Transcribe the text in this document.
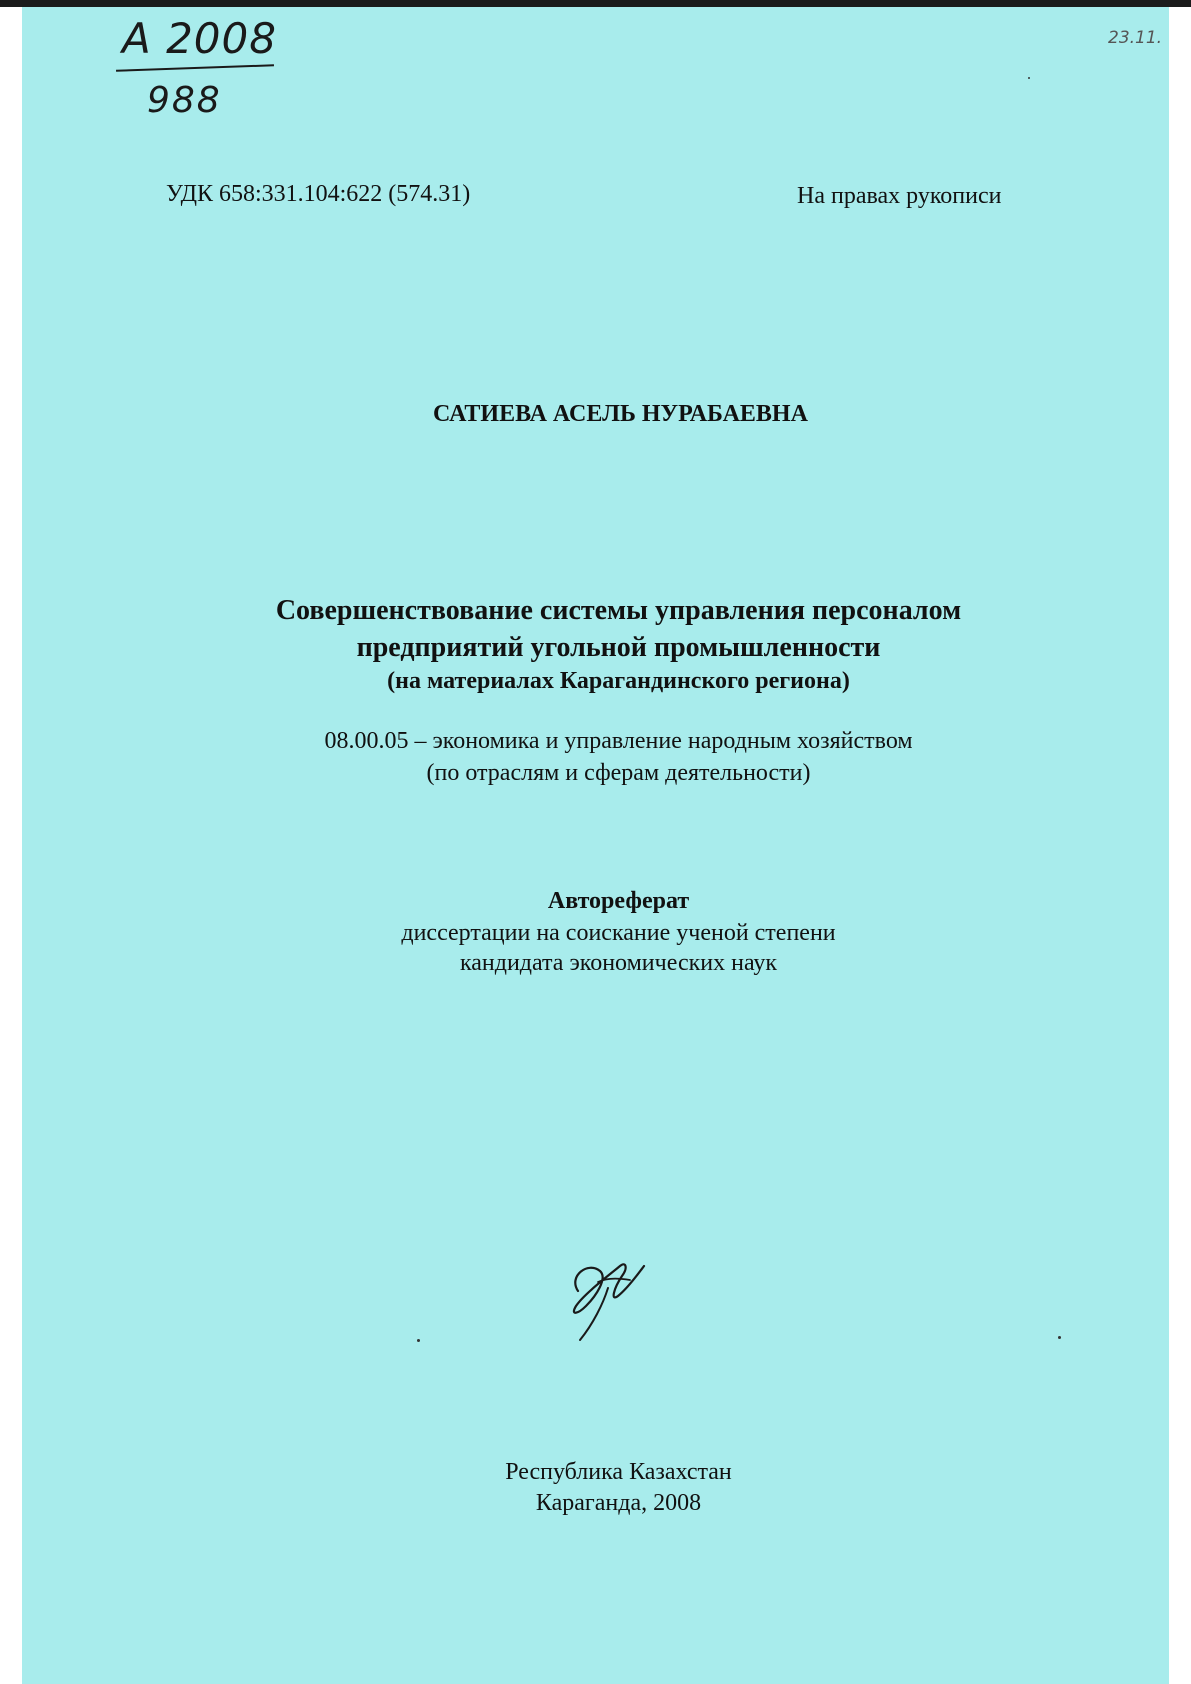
A 2008
988
23.11.
УДК 658:331.104:622 (574.31)	На правах рукописи
САТИЕВА АСЕЛЬ НУРАБАЕВНА
Совершенствование системы управления персоналом
предприятий угольной промышленности
(на материалах Карагандинского региона)
08.00.05 – экономика и управление народным хозяйством
(по отраслям и сферам деятельности)
Автореферат
диссертации на соискание ученой степени
кандидата экономических наук
Республика Казахстан
Караганда, 2008
